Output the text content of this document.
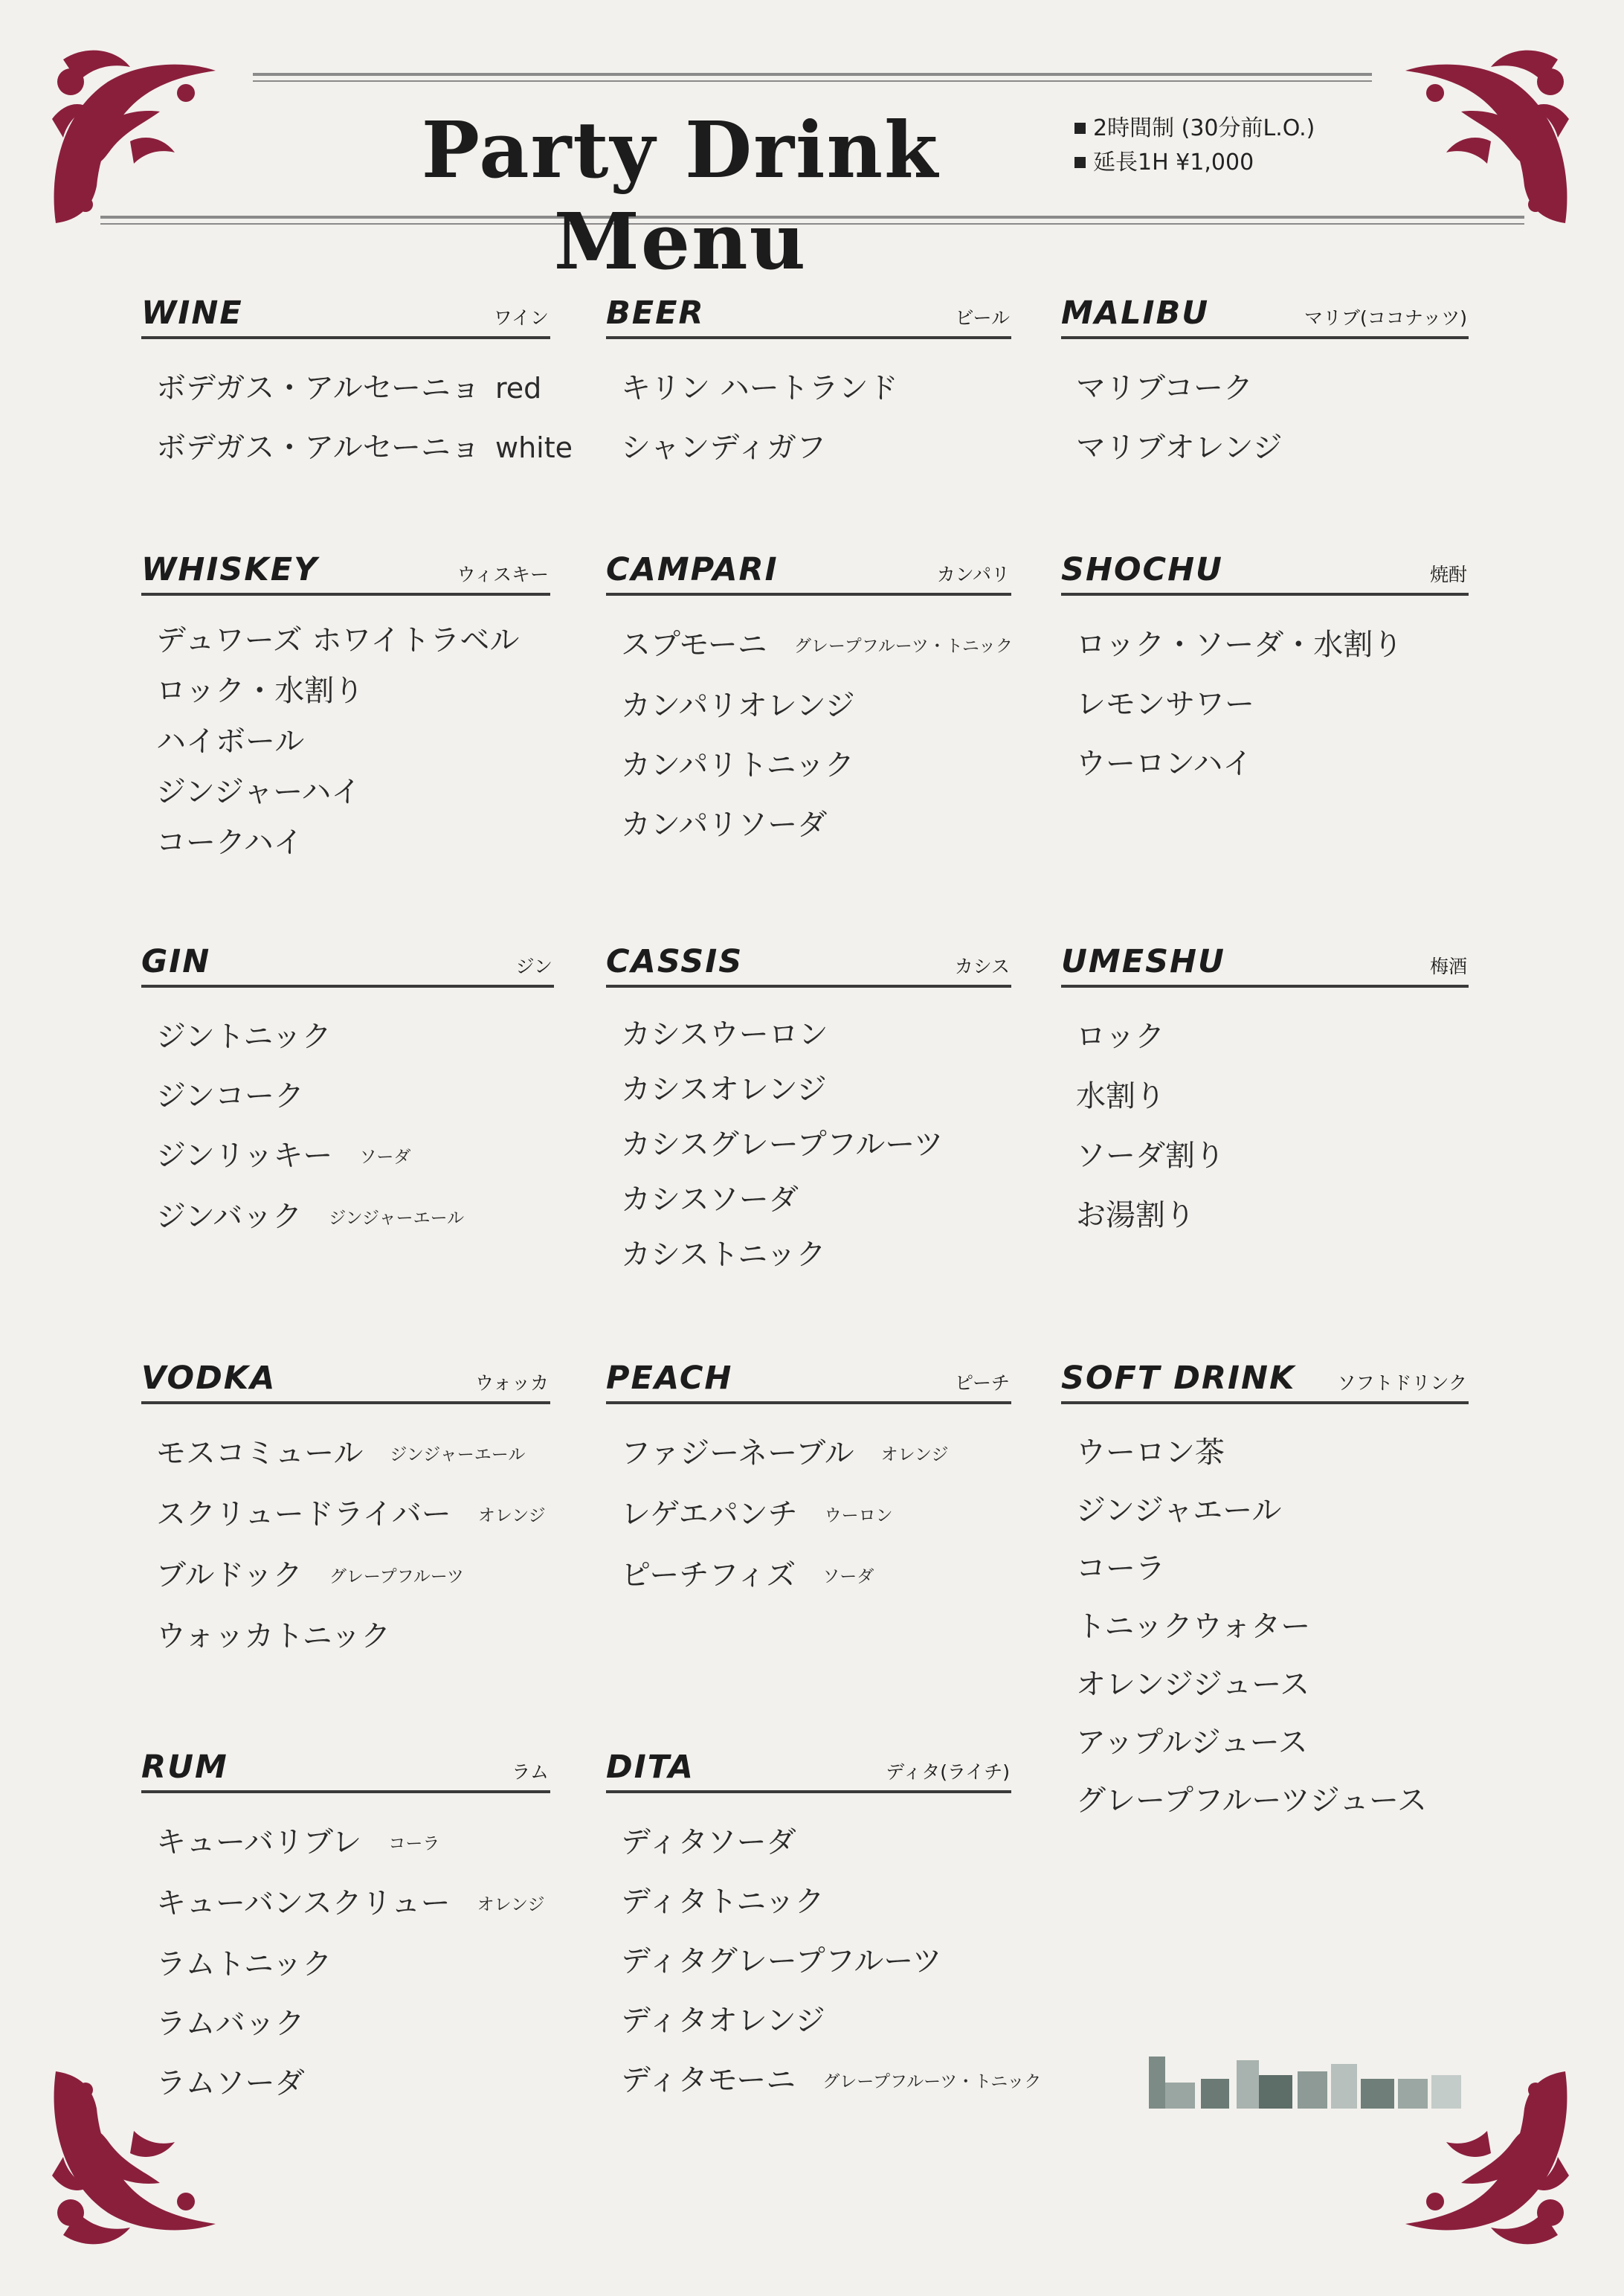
Party Drink Menu
2時間制 (30分前L.O.)
延長1H ¥1,000
WINE	ワイン
ボデガス・アルセーニョ red
ボデガス・アルセーニョ white
BEER	ビール
キリン ハートランド
シャンディガフ
MALIBU	マリブ(ココナッツ)
マリブコーク
マリブオレンジ
WHISKEY	ウィスキー
デュワーズ ホワイトラベル
ロック・水割り
ハイボール
ジンジャーハイ
コークハイ
CAMPARI	カンパリ
スプモーニ グレープフルーツ・トニック
カンパリオレンジ
カンパリトニック
カンパリソーダ
SHOCHU	焼酎
ロック・ソーダ・水割り
レモンサワー
ウーロンハイ
GIN	ジン
ジントニック
ジンコーク
ジンリッキー ソーダ
ジンバック ジンジャーエール
CASSIS	カシス
カシスウーロン
カシスオレンジ
カシスグレープフルーツ
カシスソーダ
カシストニック
UMESHU	梅酒
ロック
水割り
ソーダ割り
お湯割り
VODKA	ウォッカ
モスコミュール ジンジャーエール
スクリュードライバー オレンジ
ブルドック グレープフルーツ
ウォッカトニック
PEACH	ピーチ
ファジーネーブル オレンジ
レゲエパンチ ウーロン
ピーチフィズ ソーダ
SOFT DRINK ソフトドリンク
ウーロン茶
ジンジャエール
コーラ
トニックウォター
オレンジジュース
アップルジュース
グレープフルーツジュース
RUM	ラム
キューバリブレ コーラ
キューバンスクリュー オレンジ
ラムトニック
ラムバック
ラムソーダ
DITA	ディタ(ライチ)
ディタソーダ
ディタトニック
ディタグレープフルーツ
ディタオレンジ
ディタモーニ グレープフルーツ・トニック
